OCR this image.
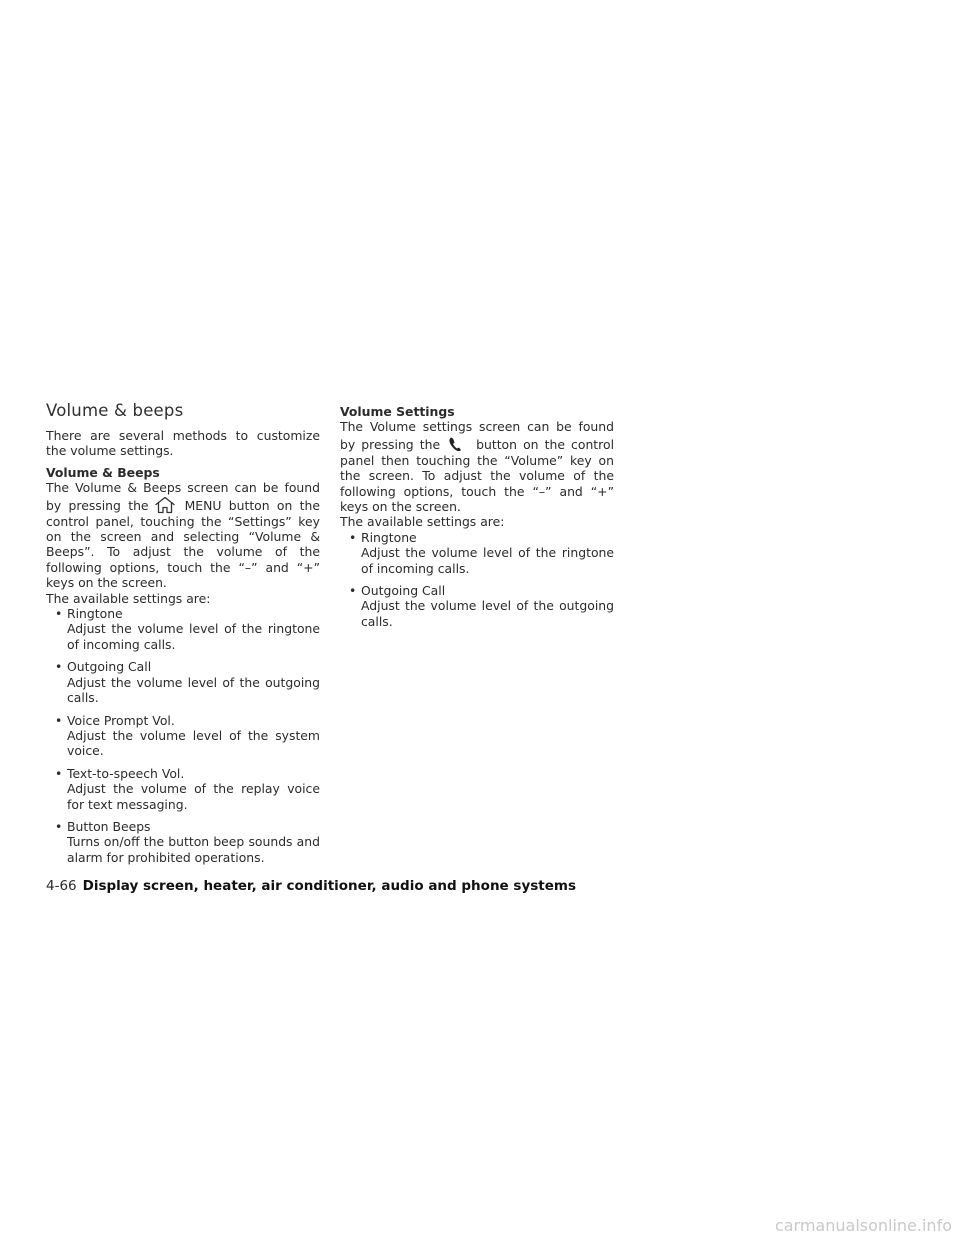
Volume & beeps

There are several methods to customize the volume settings.

Volume & Beeps

The Volume & Beeps screen can be found by pressing the	MENU button on the control panel, touching the “Settings” key on the screen and selecting “Volume & Beeps”. To adjust the volume of the following options, touch the “–” and “+” keys on the screen.

The available settings are:

• Ringtone
Adjust the volume level of the ringtone of incoming calls.
• Outgoing Call
Adjust the volume level of the outgoing calls.
• Voice Prompt Vol.
Adjust the volume level of the system voice.
• Text-to-speech Vol.
Adjust the volume of the replay voice for text messaging.
• Button Beeps
Turns on/off the button beep sounds and alarm for prohibited operations.

Volume Settings

The Volume settings screen can be found by pressing the	button on the control panel then touching the “Volume” key on the screen. To adjust the volume of the following options, touch the “–” and “+” keys on the screen.

The available settings are:

• Ringtone
Adjust the volume level of the ringtone of incoming calls.
• Outgoing Call
Adjust the volume level of the outgoing calls.
4-66 Display screen, heater, air conditioner, audio and phone systems
carmanualsonline.info
